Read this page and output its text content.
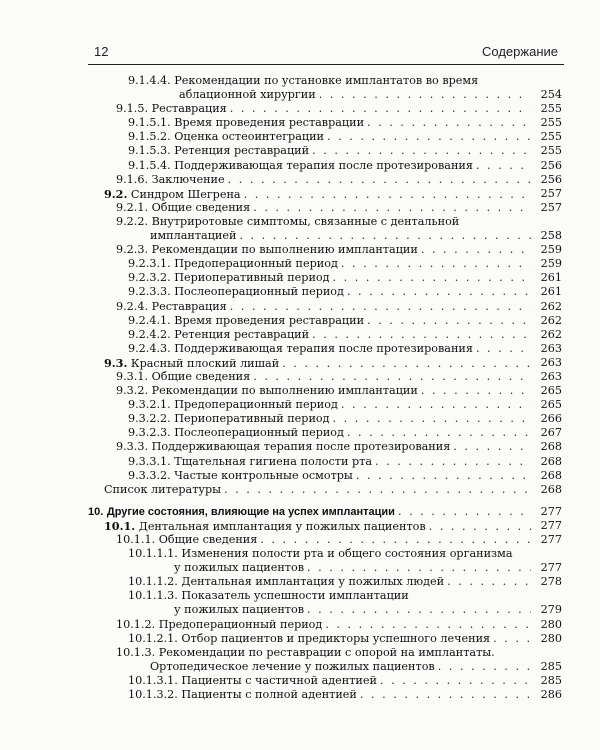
12	Содержание
9.1.4.4. Рекомендации по установке имплантатов во время
аблационной хирургии . . .	254
9.1.5. Реставрация . . .	255
9.1.5.1. Время проведения реставрации . . .	255
9.1.5.2. Оценка остеоинтеграции . . .	255
9.1.5.3. Ретенция реставраций . . .	255
9.1.5.4. Поддерживающая терапия после протезирования . . .	256
9.1.6. Заключение . . .	256
9.2. Синдром Шегрена . . .	257
9.2.1. Общие сведения . . .	257
9.2.2. Внутриротовые симптомы, связанные с дентальной
имплантацией . . .	258
9.2.3. Рекомендации по выполнению имплантации . . .	259
9.2.3.1. Предоперационный период . . .	259
9.2.3.2. Периоперативный период . . .	261
9.2.3.3. Послеоперационный период . . .	261
9.2.4. Реставрация . . .	262
9.2.4.1. Время проведения реставрации . . .	262
9.2.4.2. Ретенция реставраций . . .	262
9.2.4.3. Поддерживающая терапия после протезирования . . .	263
9.3. Красный плоский лишай . . .	263
9.3.1. Общие сведения . . .	263
9.3.2. Рекомендации по выполнению имплантации . . .	265
9.3.2.1. Предоперационный период . . .	265
9.3.2.2. Периоперативный период . . .	266
9.3.2.3. Послеоперационный период . . .	267
9.3.3. Поддерживающая терапия после протезирования . . .	268
9.3.3.1. Тщательная гигиена полости рта . . .	268
9.3.3.2. Частые контрольные осмотры . . .	268
Список литературы . . .	268
10. Другие состояния, влияющие на успех имплантации . . .	277
10.1. Дентальная имплантация у пожилых пациентов . . .	277
10.1.1. Общие сведения . . .	277
10.1.1.1. Изменения полости рта и общего состояния организма
у пожилых пациентов . . .	277
10.1.1.2. Дентальная имплантация у пожилых людей . . .	278
10.1.1.3. Показатель успешности имплантации
у пожилых пациентов . . .	279
10.1.2. Предоперационный период . . .	280
10.1.2.1. Отбор пациентов и предикторы успешного лечения . . .	280
10.1.3. Рекомендации по реставрации с опорой на имплантаты.
Ортопедическое лечение у пожилых пациентов . . .	285
10.1.3.1. Пациенты с частичной адентией . . .	285
10.1.3.2. Пациенты с полной адентией . . .	286
